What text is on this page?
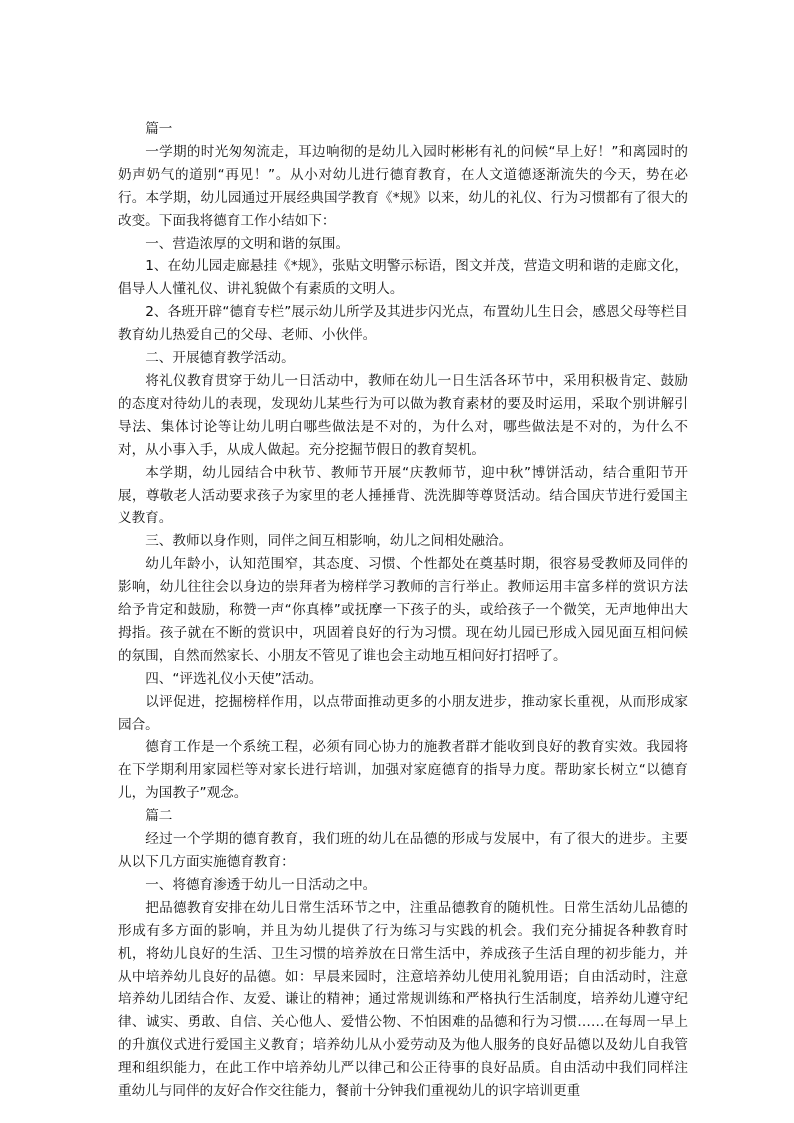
篇一

一学期的时光匆匆流走，耳边响彻的是幼儿入园时彬彬有礼的问候“早上好！”和离园时的奶声奶气的道别“再见！”。从小对幼儿进行德育教育，在人文道德逐渐流失的今天，势在必行。本学期，幼儿园通过开展经典国学教育《*规》以来，幼儿的礼仪、行为习惯都有了很大的改变。下面我将德育工作小结如下：

一、营造浓厚的文明和谐的氛围。

1、在幼儿园走廊悬挂《*规》，张贴文明警示标语，图文并茂，营造文明和谐的走廊文化，倡导人人懂礼仪、讲礼貌做个有素质的文明人。

2、各班开辟“德育专栏”展示幼儿所学及其进步闪光点，布置幼儿生日会，感恩父母等栏目教育幼儿热爱自己的父母、老师、小伙伴。

二、开展德育教学活动。

将礼仪教育贯穿于幼儿一日活动中，教师在幼儿一日生活各环节中，采用积极肯定、鼓励的态度对待幼儿的表现，发现幼儿某些行为可以做为教育素材的要及时运用，采取个别讲解引导法、集体讨论等让幼儿明白哪些做法是不对的，为什么对，哪些做法是不对的，为什么不对，从小事入手，从成人做起。充分挖掘节假日的教育契机。

本学期，幼儿园结合中秋节、教师节开展“庆教师节，迎中秋”博饼活动，结合重阳节开展，尊敬老人活动要求孩子为家里的老人捶捶背、洗洗脚等尊贤活动。结合国庆节进行爱国主义教育。

三、教师以身作则，同伴之间互相影响，幼儿之间相处融洽。

幼儿年龄小，认知范围窄，其态度、习惯、个性都处在奠基时期，很容易受教师及同伴的影响，幼儿往往会以身边的崇拜者为榜样学习教师的言行举止。教师运用丰富多样的赏识方法给予肯定和鼓励，称赞一声“你真棒”或抚摩一下孩子的头，或给孩子一个微笑，无声地伸出大拇指。孩子就在不断的赏识中，巩固着良好的行为习惯。现在幼儿园已形成入园见面互相问候的氛围，自然而然家长、小朋友不管见了谁也会主动地互相问好打招呼了。

四、“评选礼仪小天使”活动。

以评促进，挖掘榜样作用，以点带面推动更多的小朋友进步，推动家长重视，从而形成家园合。

德育工作是一个系统工程，必须有同心协力的施教者群才能收到良好的教育实效。我园将在下学期利用家园栏等对家长进行培训，加强对家庭德育的指导力度。帮助家长树立“以德育儿，为国教子”观念。

篇二

经过一个学期的德育教育，我们班的幼儿在品德的形成与发展中，有了很大的进步。主要从以下几方面实施德育教育：

一、将德育渗透于幼儿一日活动之中。

把品德教育安排在幼儿日常生活环节之中，注重品德教育的随机性。日常生活幼儿品德的形成有多方面的影响，并且为幼儿提供了行为练习与实践的机会。我们充分捕捉各种教育时机，将幼儿良好的生活、卫生习惯的培养放在日常生活中，养成孩子生活自理的初步能力，并从中培养幼儿良好的品德。如：早晨来园时，注意培养幼儿使用礼貌用语；自由活动时，注意培养幼儿团结合作、友爱、谦让的精神；通过常规训练和严格执行生活制度，培养幼儿遵守纪律、诚实、勇敢、自信、关心他人、爱惜公物、不怕困难的品德和行为习惯……在每周一早上的升旗仪式进行爱国主义教育；培养幼儿从小爱劳动及为他人服务的良好品德以及幼儿自我管理和组织能力，在此工作中培养幼儿严以律己和公正待事的良好品质。自由活动中我们同样注重幼儿与同伴的友好合作交往能力，餐前十分钟我们重视幼儿的识字培训更重
